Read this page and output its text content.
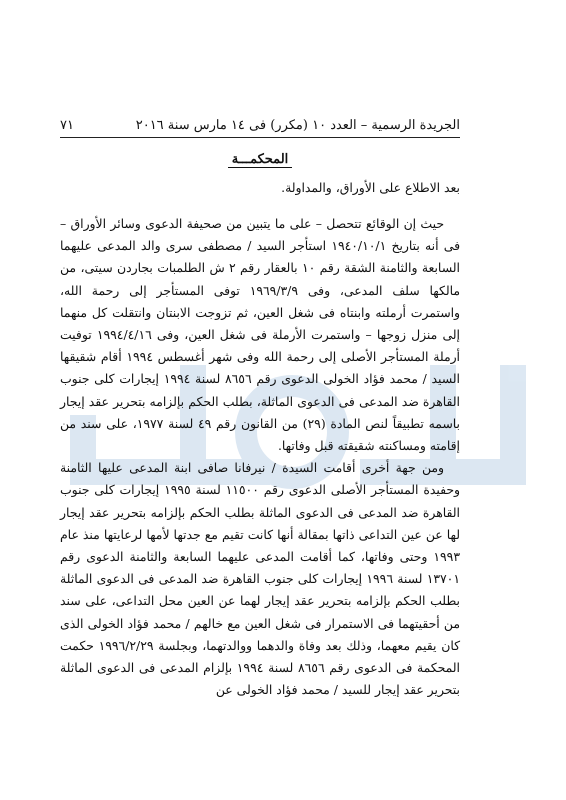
الجريدة الرسمية – العدد ١٠ (مكرر) فى ١٤ مارس سنة ٢٠١٦
٧١
المحكمـــة

بعد الاطلاع على الأوراق، والمداولة.

حيث إن الوقائع تتحصل – على ما يتبين من صحيفة الدعوى وسائر الأوراق – فى أنه بتاريخ ١٩٤٠/١٠/١ استأجر السيد / مصطفى سرى والد المدعى عليهما السابعة والثامنة الشقة رقم ١٠ بالعقار رقم ٢ ش الطلمبات بجاردن سيتى، من مالكها سلف المدعى، وفى ١٩٦٩/٣/٩ توفى المستأجر إلى رحمة الله، واستمرت أرملته وابنتاه فى شغل العين، ثم تزوجت الابنتان وانتقلت كل منهما إلى منزل زوجها – واستمرت الأرملة فى شغل العين، وفى ١٩٩٤/٤/١٦ توفيت أرملة المستأجر الأصلى إلى رحمة الله وفى شهر أغسطس ١٩٩٤ أقام شقيقها السيد / محمد فؤاد الخولى الدعوى رقم ٨٦٥٦ لسنة ١٩٩٤ إيجارات كلى جنوب القاهرة ضد المدعى فى الدعوى الماثلة، بطلب الحكم بإلزامه بتحرير عقد إيجار باسمه تطبيقاً لنص المادة (٢٩) من القانون رقم ٤٩ لسنة ١٩٧٧، على سند من إقامته ومساكنته شقيقته قبل وفاتها.

ومن جهة أخرى أقامت السيدة / نيرفانا صافى ابنة المدعى عليها الثامنة وحفيدة المستأجر الأصلى الدعوى رقم ١١٥٠٠ لسنة ١٩٩٥ إيجارات كلى جنوب القاهرة ضد المدعى فى الدعوى الماثلة بطلب الحكم بإلزامه بتحرير عقد إيجار لها عن عين التداعى ذاتها بمقالة أنها كانت تقيم مع جدتها لأمها لرعايتها منذ عام ١٩٩٣ وحتى وفاتها، كما أقامت المدعى عليهما السابعة والثامنة الدعوى رقم ١٣٧٠١ لسنة ١٩٩٦ إيجارات كلى جنوب القاهرة ضد المدعى فى الدعوى الماثلة بطلب الحكم بإلزامه بتحرير عقد إيجار لهما عن العين محل التداعى، على سند من أحقيتهما فى الاستمرار فى شغل العين مع خالهم / محمد فؤاد الخولى الذى كان يقيم معهما، وذلك بعد وفاة والدهما ووالدتهما، وبجلسة ١٩٩٦/٢/٢٩ حكمت المحكمة فى الدعوى رقم ٨٦٥٦ لسنة ١٩٩٤ بإلزام المدعى فى الدعوى الماثلة بتحرير عقد إيجار للسيد / محمد فؤاد الخولى عن
